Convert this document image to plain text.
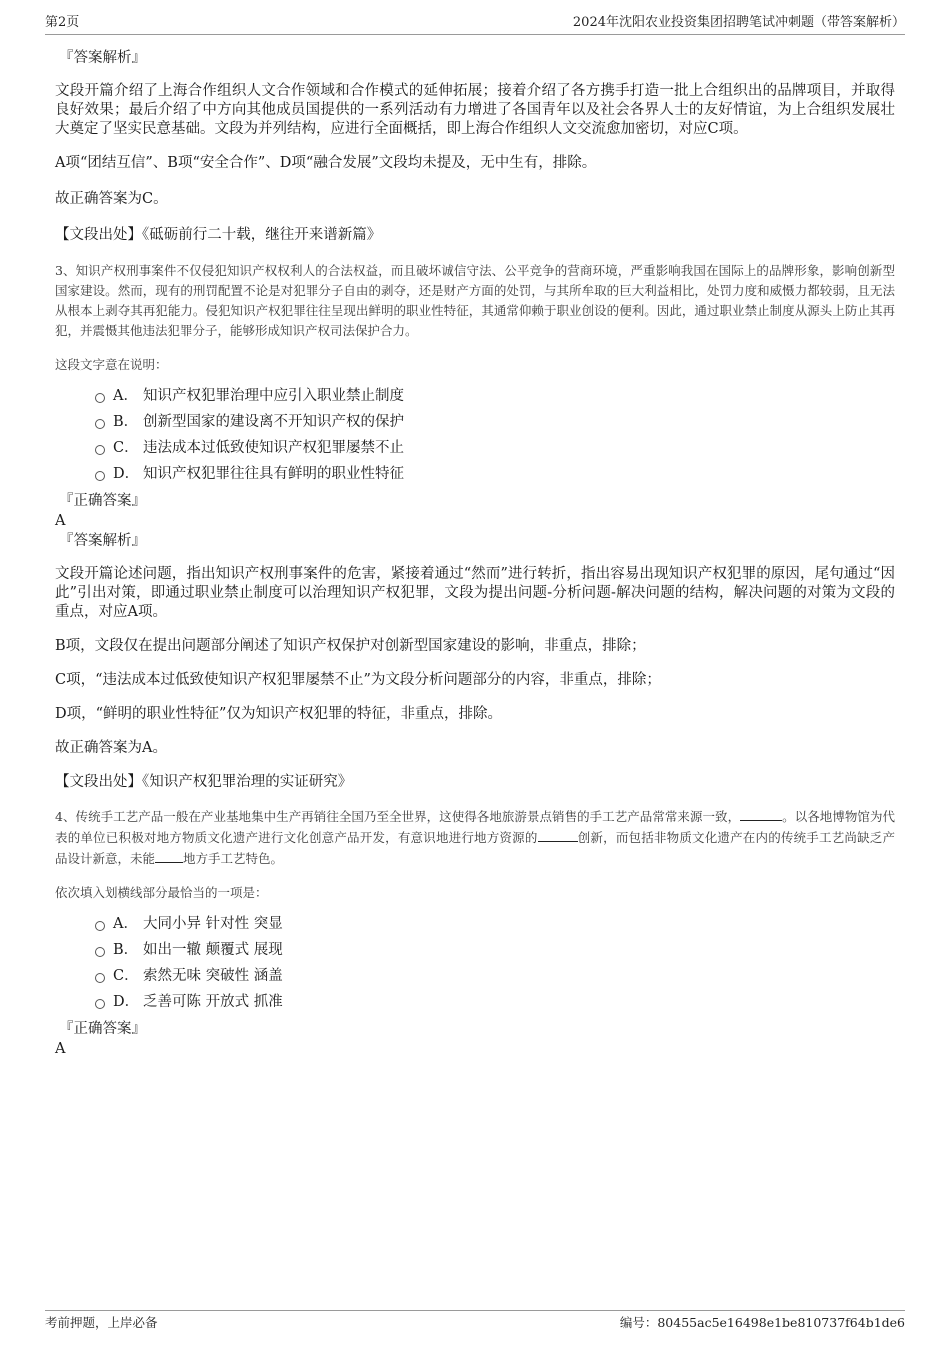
第2页	2024年沈阳农业投资集团招聘笔试冲刺题（带答案解析）

『答案解析』

文段开篇介绍了上海合作组织人文合作领域和合作模式的延伸拓展；接着介绍了各方携手打造一批上合组织出的品牌项目，并取得良好效果；最后介绍了中方向其他成员国提供的一系列活动有力增进了各国青年以及社会各界人士的友好情谊，为上合组织发展壮大奠定了坚实民意基础。文段为并列结构，应进行全面概括，即上海合作组织人文交流愈加密切，对应C项。

A项“团结互信”、B项“安全合作”、D项“融合发展”文段均未提及，无中生有，排除。

故正确答案为C。

【文段出处】《砥砺前行二十载，继往开来谱新篇》

3、知识产权刑事案件不仅侵犯知识产权权利人的合法权益，而且破坏诚信守法、公平竞争的营商环境，严重影响我国在国际上的品牌形象，影响创新型国家建设。然而，现有的刑罚配置不论是对犯罪分子自由的剥夺，还是财产方面的处罚，与其所牟取的巨大利益相比，处罚力度和威慑力都较弱，且无法从根本上剥夺其再犯能力。侵犯知识产权犯罪往往呈现出鲜明的职业性特征，其通常仰赖于职业创设的便利。因此，通过职业禁止制度从源头上防止其再犯，并震慑其他违法犯罪分子，能够形成知识产权司法保护合力。

这段文字意在说明：

A． 知识产权犯罪治理中应引入职业禁止制度
B． 创新型国家的建设离不开知识产权的保护
C． 违法成本过低致使知识产权犯罪屡禁不止
D． 知识产权犯罪往往具有鲜明的职业性特征

『正确答案』

A

『答案解析』

文段开篇论述问题，指出知识产权刑事案件的危害，紧接着通过“然而”进行转折，指出容易出现知识产权犯罪的原因，尾句通过“因此”引出对策，即通过职业禁止制度可以治理知识产权犯罪，文段为提出问题-分析问题-解决问题的结构，解决问题的对策为文段的重点，对应A项。

B项，文段仅在提出问题部分阐述了知识产权保护对创新型国家建设的影响，非重点，排除；

C项，“违法成本过低致使知识产权犯罪屡禁不止”为文段分析问题部分的内容，非重点，排除；

D项，“鲜明的职业性特征”仅为知识产权犯罪的特征，非重点，排除。

故正确答案为A。

【文段出处】《知识产权犯罪治理的实证研究》

4、传统手工艺产品一般在产业基地集中生产再销往全国乃至全世界，这使得各地旅游景点销售的手工艺产品常常来源一致，	。以各地博物馆为代表的单位已积极对地方物质文化遗产进行文化创意产品开发，有意识地进行地方资源的	创新，而包括非物质文化遗产在内的传统手工艺尚缺乏产品设计新意，未能 地方手工艺特色。

依次填入划横线部分最恰当的一项是：

A． 大同小异 针对性 突显
B． 如出一辙 颠覆式 展现
C． 索然无味 突破性 涵盖
D． 乏善可陈 开放式 抓准

『正确答案』

A

考前押题，上岸必备	编号：80455ac5e16498e1be810737f64b1de6
